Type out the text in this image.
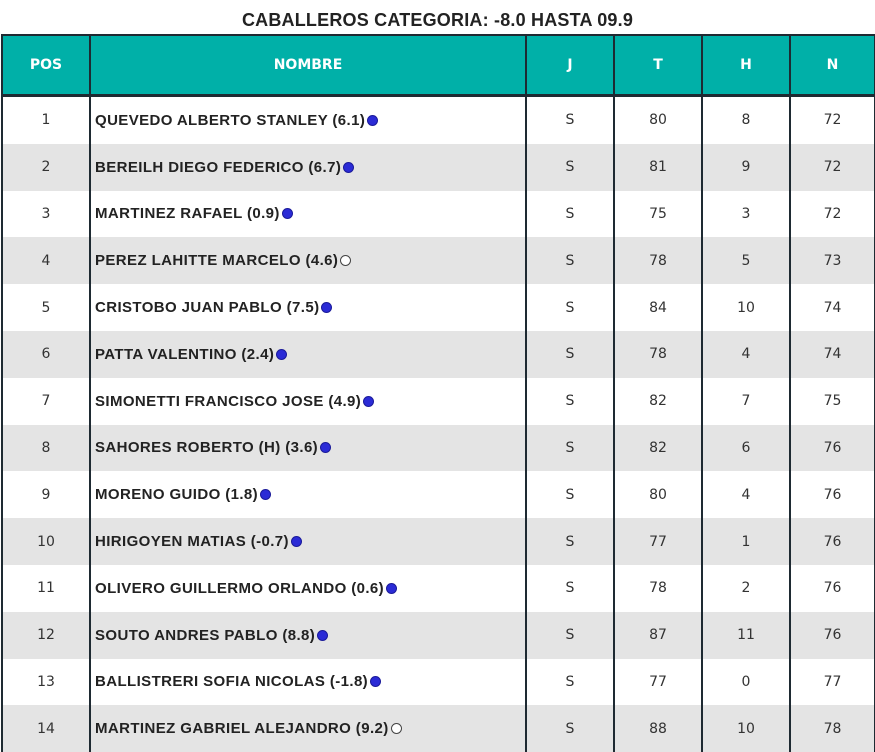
CABALLEROS CATEGORIA: -8.0 HASTA 09.9
POS	NOMBRE	J	T	H	N
1	QUEVEDO ALBERTO STANLEY (6.1)	S	80	8	72
2	BEREILH DIEGO FEDERICO (6.7)	S	81	9	72
3	MARTINEZ RAFAEL (0.9)	S	75	3	72
4	PEREZ LAHITTE MARCELO (4.6)	S	78	5	73
5	CRISTOBO JUAN PABLO (7.5)	S	84	10	74
6	PATTA VALENTINO (2.4)	S	78	4	74
7	SIMONETTI FRANCISCO JOSE (4.9)	S	82	7	75
8	SAHORES ROBERTO (H) (3.6)	S	82	6	76
9	MORENO GUIDO (1.8)	S	80	4	76
10	HIRIGOYEN MATIAS (-0.7)	S	77	1	76
11	OLIVERO GUILLERMO ORLANDO (0.6)	S	78	2	76
12	SOUTO ANDRES PABLO (8.8)	S	87	11	76
13	BALLISTRERI SOFIA NICOLAS (-1.8)	S	77	0	77
14	MARTINEZ GABRIEL ALEJANDRO (9.2)	S	88	10	78
